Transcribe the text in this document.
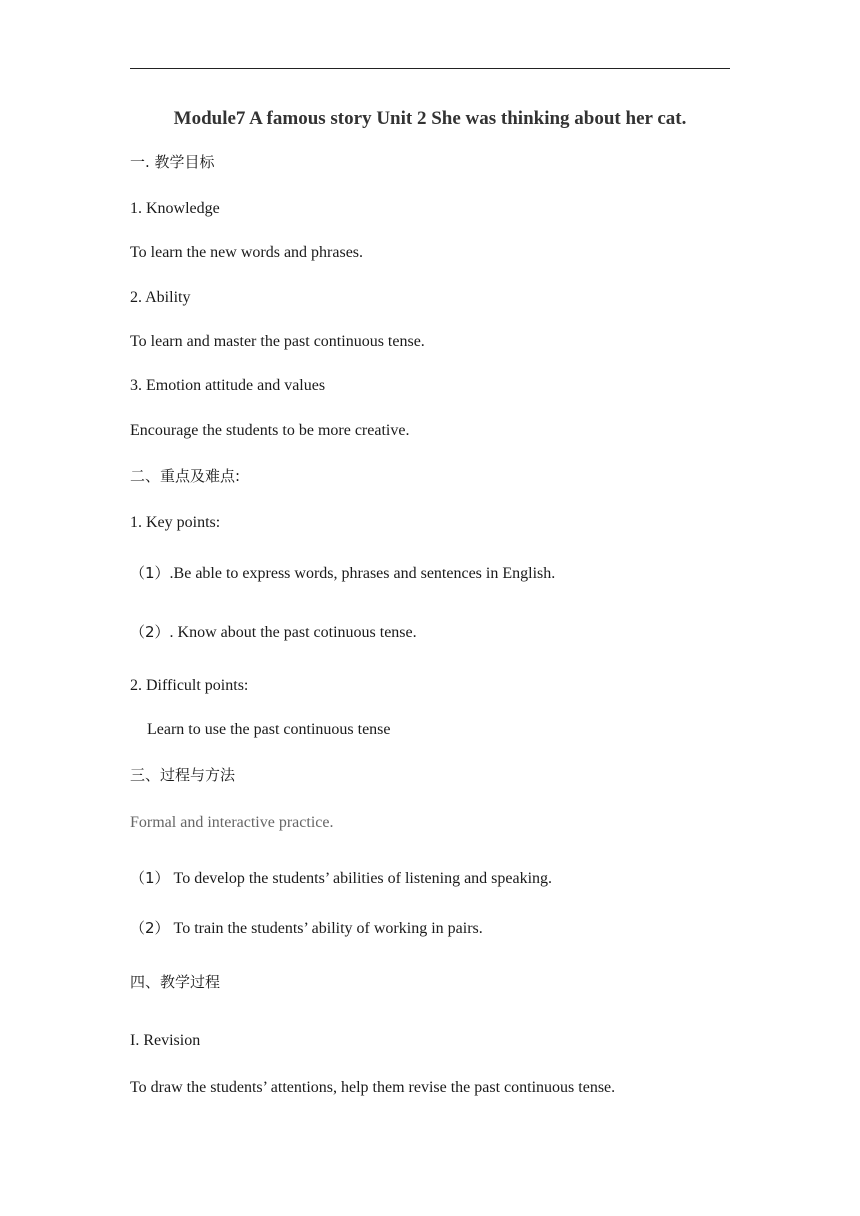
Module7 A famous story Unit 2 She was thinking about her cat.
一. 教学目标
1. Knowledge
To learn the new words and phrases.
2. Ability
To learn and master the past continuous tense.
3. Emotion attitude and values
Encourage the students to be more creative.
二、重点及难点:
1. Key points:
（1）.Be able to express words, phrases and sentences in English.
（2）. Know about the past cotinuous tense.
2. Difficult points:
Learn to use the past continuous tense
三、过程与方法
Formal and interactive practice.
（1） To develop the students’ abilities of listening and speaking.
（2） To train the students’ ability of working in pairs.
四、教学过程
I. Revision
To draw the students’ attentions, help them revise the past continuous tense.
